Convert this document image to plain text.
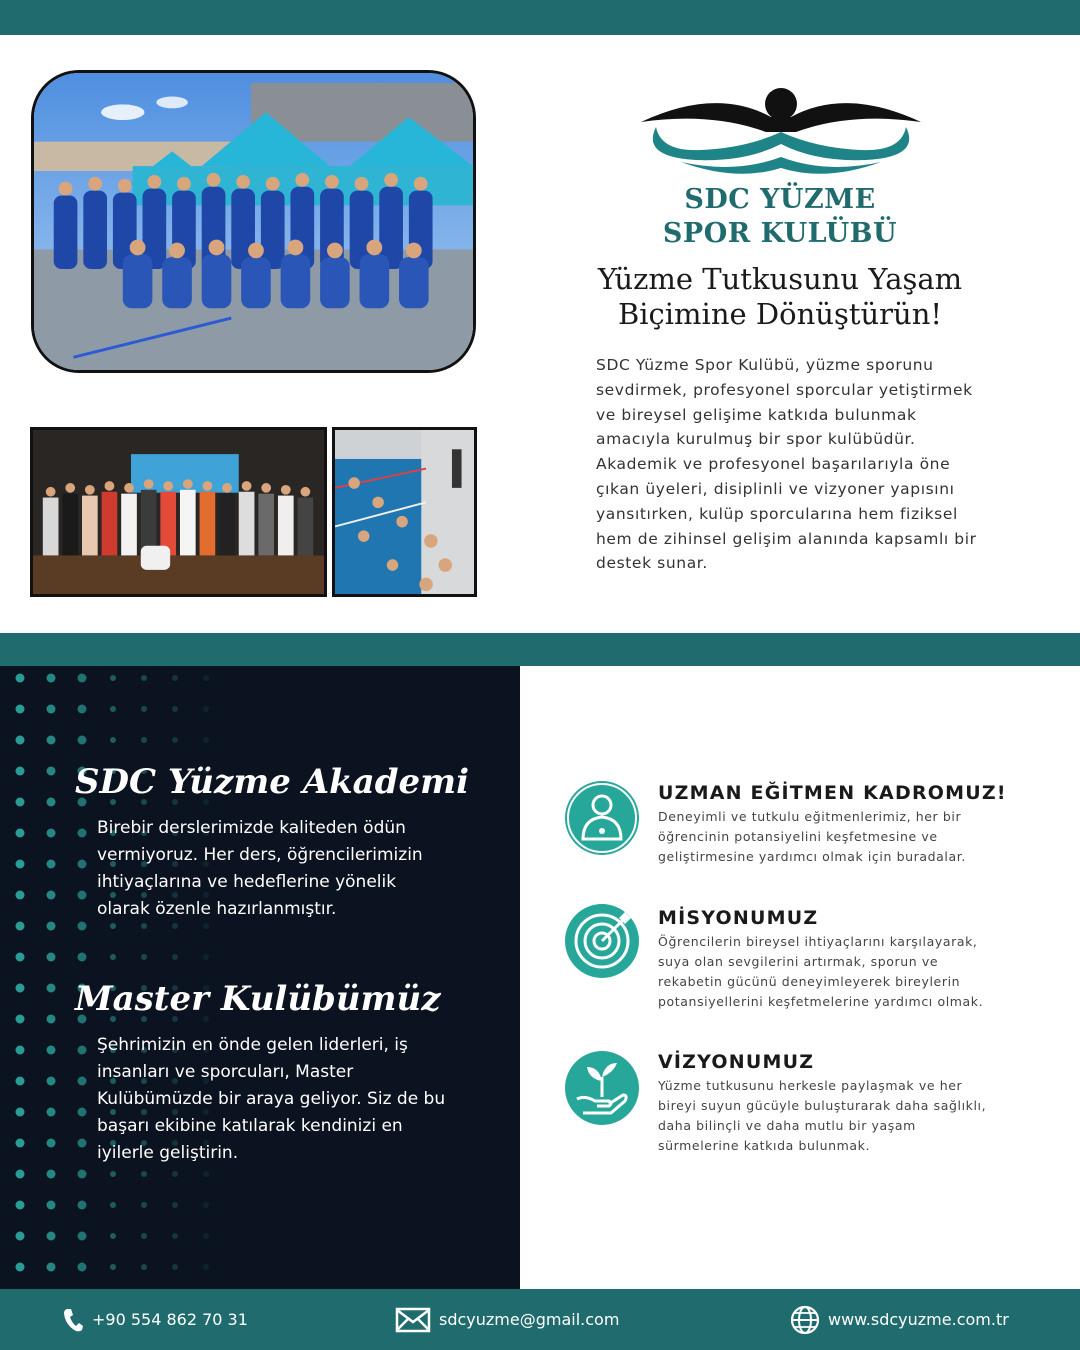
SDC YÜZME
SPOR KULÜBÜ
Yüzme Tutkusunu Yaşam
Biçimine Dönüştürün!
SDC Yüzme Spor Kulübü, yüzme sporunu sevdirmek, profesyonel sporcular yetiştirmek ve bireysel gelişime katkıda bulunmak amacıyla kurulmuş bir spor kulübüdür. Akademik ve profesyonel başarılarıyla öne çıkan üyeleri, disiplinli ve vizyoner yapısını yansıtırken, kulüp sporcularına hem fiziksel hem de zihinsel gelişim alanında kapsamlı bir destek sunar.
SDC Yüzme Akademi
Birebir derslerimizde kaliteden ödün vermiyoruz. Her ders, öğrencilerimizin ihtiyaçlarına ve hedeflerine yönelik olarak özenle hazırlanmıştır.
Master Kulübümüz
Şehrimizin en önde gelen liderleri, iş insanları ve sporcuları, Master Kulübümüzde bir araya geliyor. Siz de bu başarı ekibine katılarak kendinizi en iyilerle geliştirin.
UZMAN EĞİTMEN KADROMUZ!
Deneyimli ve tutkulu eğitmenlerimiz, her bir öğrencinin potansiyelini keşfetmesine ve geliştirmesine yardımcı olmak için buradalar.
MİSYONUMUZ
Öğrencilerin bireysel ihtiyaçlarını karşılayarak, suya olan sevgilerini artırmak, sporun ve rekabetin gücünü deneyimleyerek bireylerin potansiyellerini keşfetmelerine yardımcı olmak.
VİZYONUMUZ
Yüzme tutkusunu herkesle paylaşmak ve her bireyi suyun gücüyle buluşturarak daha sağlıklı, daha bilinçli ve daha mutlu bir yaşam sürmelerine katkıda bulunmak.
+90 554 862 70 31	sdcyuzme@gmail.com	www.sdcyuzme.com.tr
